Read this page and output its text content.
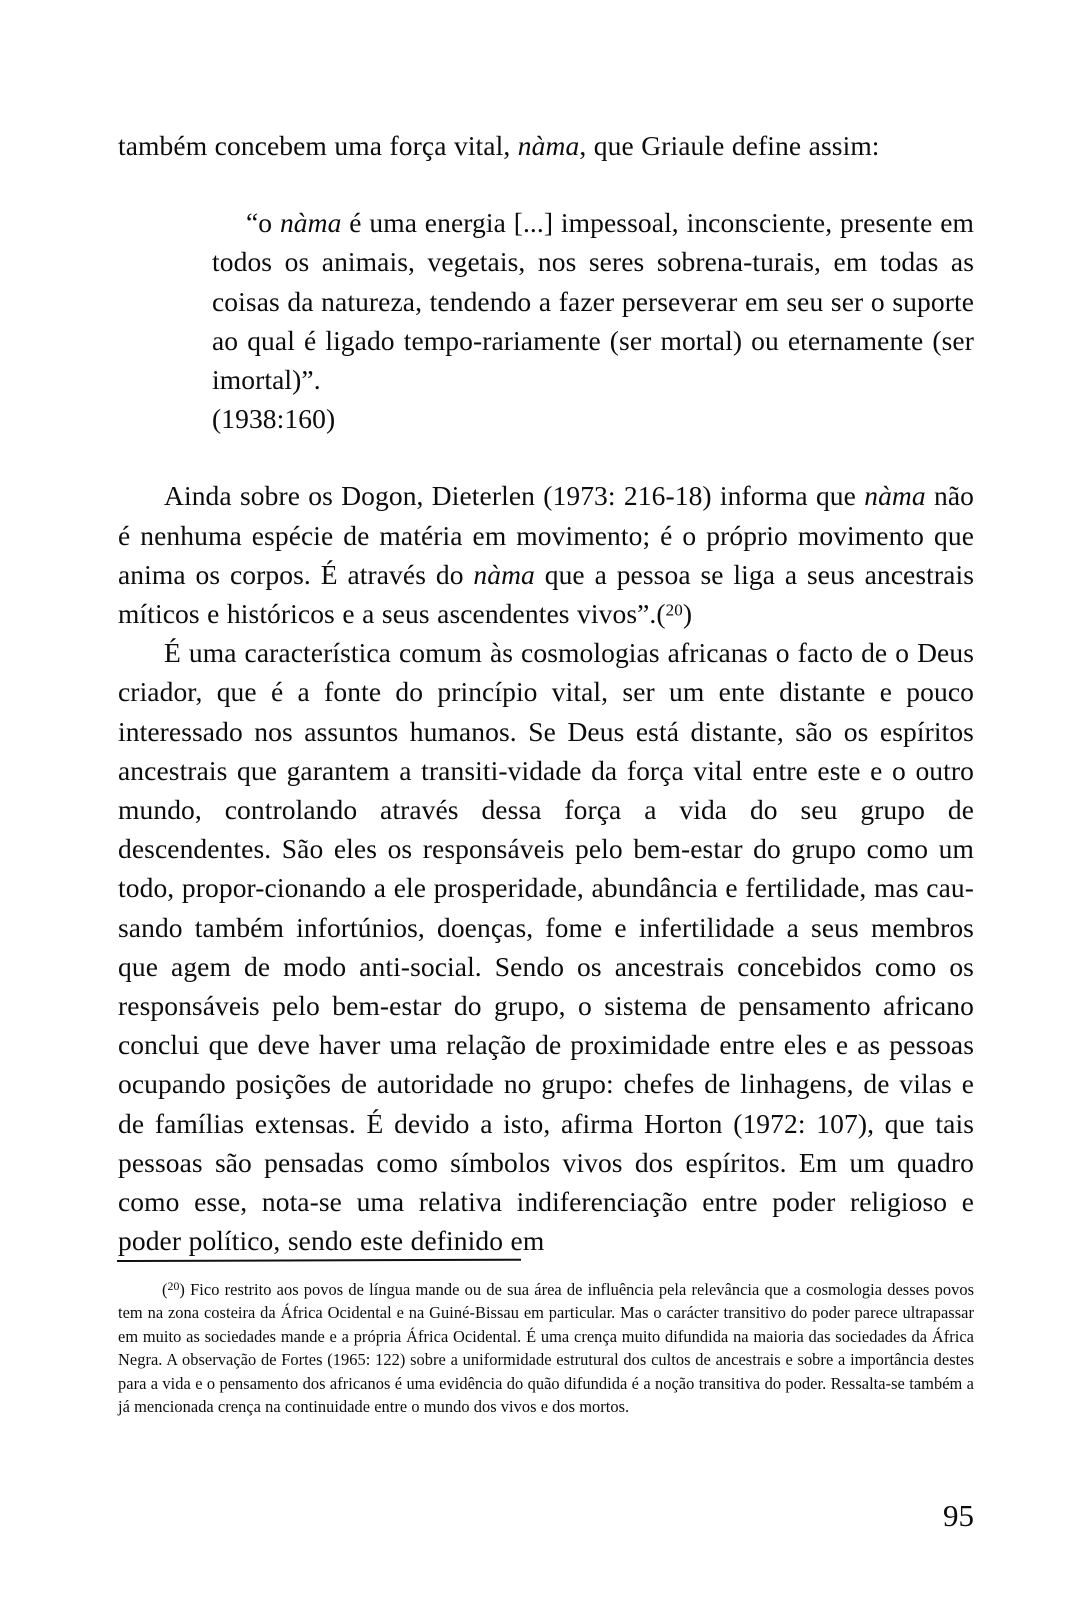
também concebem uma força vital, nàma, que Griaule define assim:

“o nàma é uma energia [...] impessoal, inconsciente, presente em todos os animais, vegetais, nos seres sobrena-turais, em todas as coisas da natureza, tendendo a fazer perseverar em seu ser o suporte ao qual é ligado tempo-rariamente (ser mortal) ou eternamente (ser imortal)”.
(1938:160)

Ainda sobre os Dogon, Dieterlen (1973: 216-18) informa que nàma não é nenhuma espécie de matéria em movimento; é o próprio movimento que anima os corpos. É através do nàma que a pessoa se liga a seus ancestrais míticos e históricos e a seus ascendentes vivos”.($^{20}$)

É uma característica comum às cosmologias africanas o facto de o Deus criador, que é a fonte do princípio vital, ser um ente distante e pouco interessado nos assuntos humanos. Se Deus está distante, são os espíritos ancestrais que garantem a transiti-vidade da força vital entre este e o outro mundo, controlando através dessa força a vida do seu grupo de descendentes. São eles os responsáveis pelo bem-estar do grupo como um todo, propor-cionando a ele prosperidade, abundância e fertilidade, mas cau-sando também infortúnios, doenças, fome e infertilidade a seus membros que agem de modo anti-social. Sendo os ancestrais concebidos como os responsáveis pelo bem-estar do grupo, o sistema de pensamento africano conclui que deve haver uma relação de proximidade entre eles e as pessoas ocupando posições de autoridade no grupo: chefes de linhagens, de vilas e de famílias extensas. É devido a isto, afirma Horton (1972: 107), que tais pessoas são pensadas como símbolos vivos dos espíritos. Em um quadro como esse, nota-se uma relativa indiferenciação entre poder religioso e poder político, sendo este definido em

($^{20}$) Fico restrito aos povos de língua mande ou de sua área de influência pela relevância que a cosmologia desses povos tem na zona costeira da África Ocidental e na Guiné-Bissau em particular. Mas o carácter transitivo do poder parece ultrapassar em muito as sociedades mande e a própria África Ocidental. É uma crença muito difundida na maioria das sociedades da África Negra. A observação de Fortes (1965: 122) sobre a uniformidade estrutural dos cultos de ancestrais e sobre a importância destes para a vida e o pensamento dos africanos é uma evidência do quão difundida é a noção transitiva do poder. Ressalta-se também a já mencionada crença na continuidade entre o mundo dos vivos e dos mortos.
95
